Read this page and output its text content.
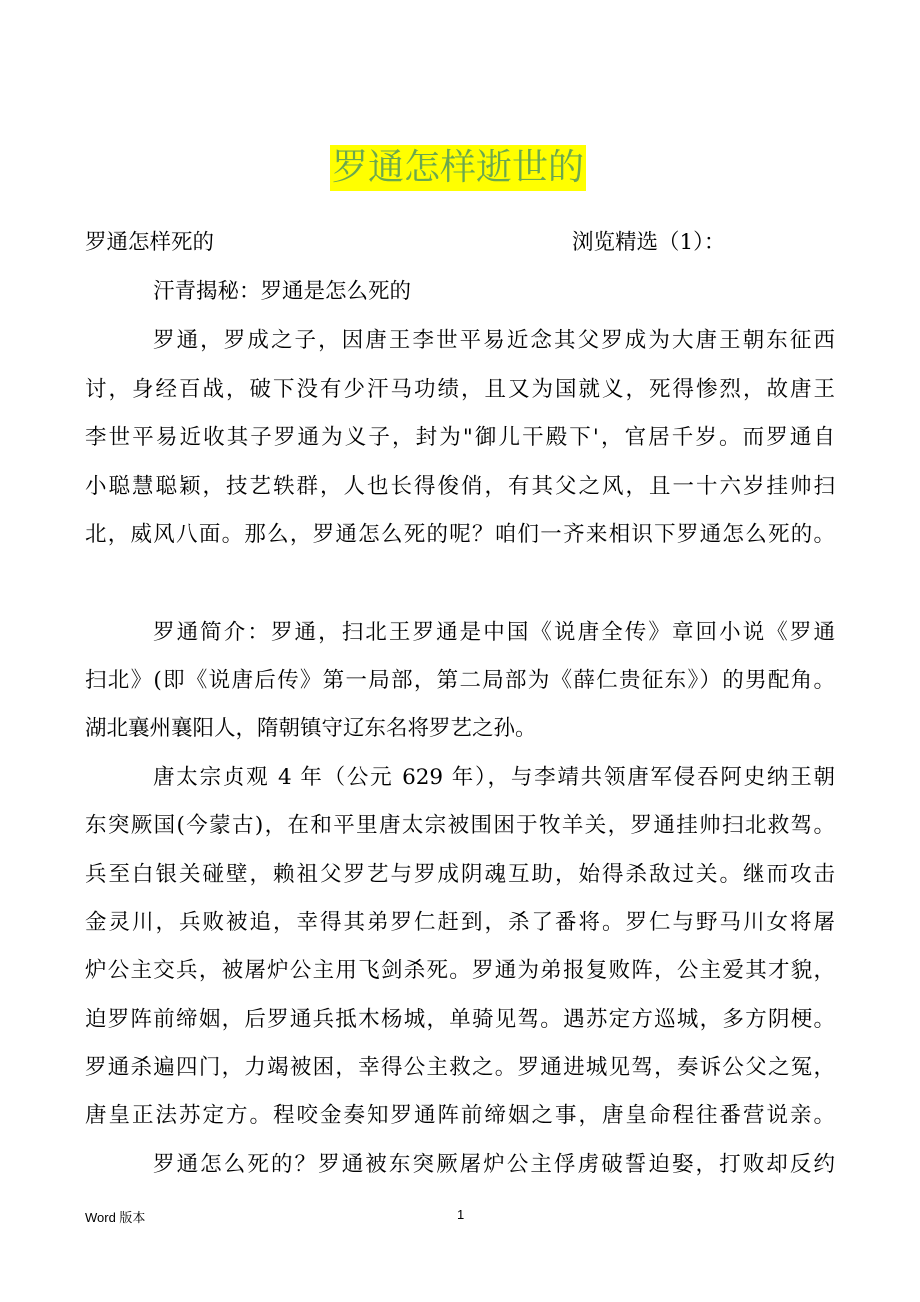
罗通怎样逝世的
罗通怎样死的	浏览精选（1）：
汗青揭秘：罗通是怎么死的
罗通，罗成之子，因唐王李世平易近念其父罗成为大唐王朝东征西
讨，身经百战，破下没有少汗马功绩，且又为国就义，死得惨烈，故唐王
李世平易近收其子罗通为义子，封为"御儿干殿下'，官居千岁。而罗通自
小聪慧聪颖，技艺轶群，人也长得俊俏，有其父之风，且一十六岁挂帅扫
北，威风八面。那么，罗通怎么死的呢？咱们一齐来相识下罗通怎么死的。
罗通简介：罗通，扫北王罗通是中国《说唐全传》章回小说《罗通
扫北》(即《说唐后传》第一局部，第二局部为《薛仁贵征东》）的男配角。
湖北襄州襄阳人，隋朝镇守辽东名将罗艺之孙。
唐太宗贞观 4 年（公元 629 年），与李靖共领唐军侵吞阿史纳王朝
东突厥国(今蒙古)，在和平里唐太宗被围困于牧羊关，罗通挂帅扫北救驾。
兵至白银关碰壁，赖祖父罗艺与罗成阴魂互助，始得杀敌过关。继而攻击
金灵川，兵败被追，幸得其弟罗仁赶到，杀了番将。罗仁与野马川女将屠
炉公主交兵，被屠炉公主用飞剑杀死。罗通为弟报复败阵，公主爱其才貌，
迫罗阵前缔姻，后罗通兵抵木杨城，单骑见驾。遇苏定方巡城，多方阴梗。
罗通杀遍四门，力竭被困，幸得公主救之。罗通进城见驾，奏诉公父之冤，
唐皇正法苏定方。程咬金奏知罗通阵前缔姻之事，唐皇命程往番营说亲。
罗通怎么死的？罗通被东突厥屠炉公主俘虏破誓迫娶，打败却反约
Word 版本	1
